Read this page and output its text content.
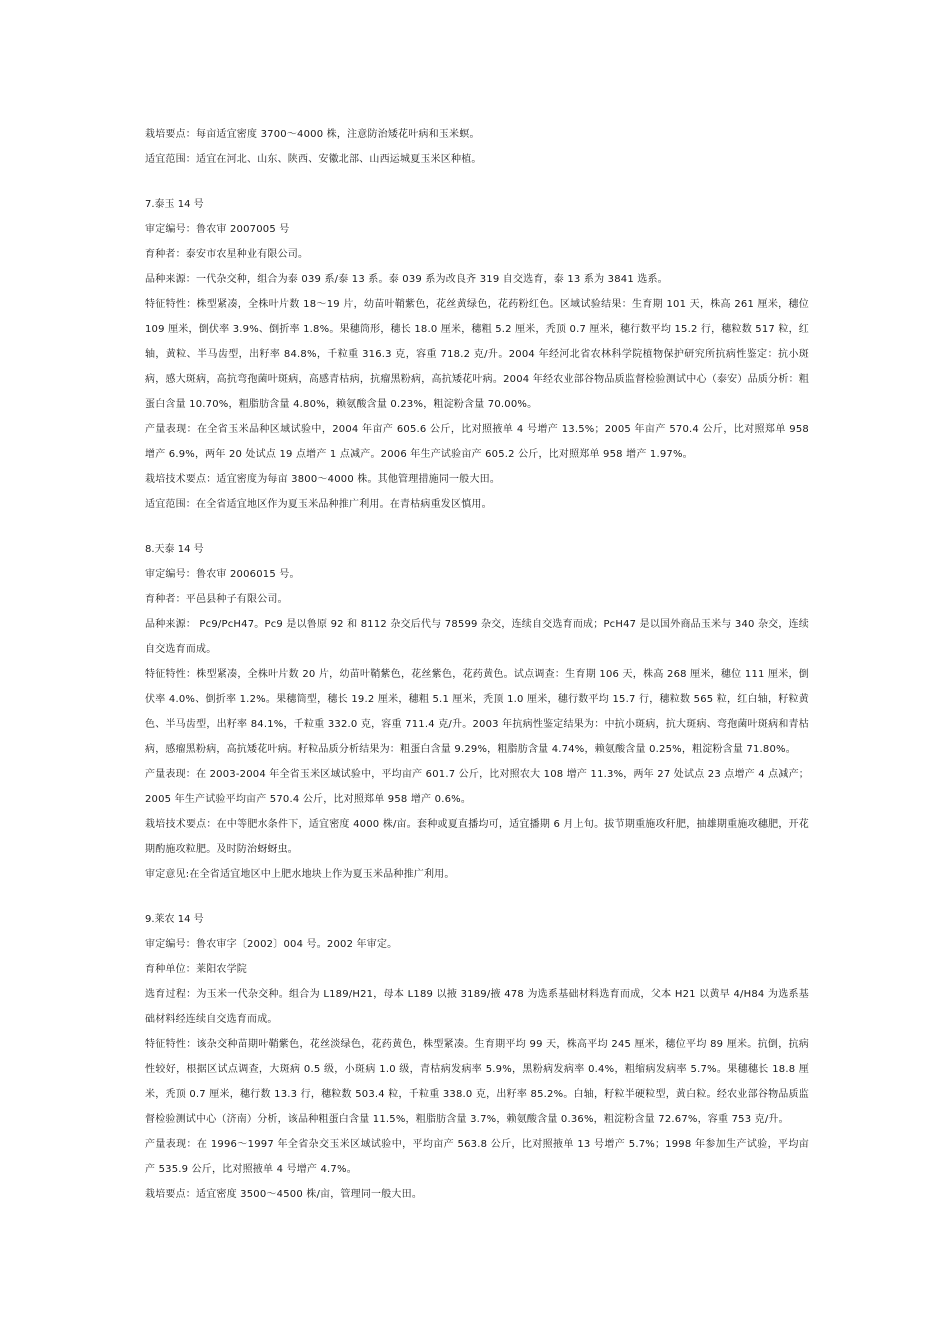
栽培要点：每亩适宜密度 3700～4000 株，注意防治矮花叶病和玉米螟。

适宜范围：适宜在河北、山东、陕西、安徽北部、山西运城夏玉米区种植。

7.泰玉 14 号

审定编号：鲁农审 2007005 号

育种者：泰安市农星种业有限公司。

品种来源：一代杂交种，组合为泰 039 系/泰 13 系。泰 039 系为改良齐 319 自交选育，泰 13 系为 3841 选系。

特征特性：株型紧凑，全株叶片数 18～19 片，幼苗叶鞘紫色，花丝黄绿色，花药粉红色。区域试验结果：生育期 101 天，株高 261 厘米，穗位 109 厘米，倒伏率 3.9%、倒折率 1.8%。果穗筒形，穗长 18.0 厘米，穗粗 5.2 厘米，秃顶 0.7 厘米，穗行数平均 15.2 行，穗粒数 517 粒，红轴，黄粒、半马齿型，出籽率 84.8%，千粒重 316.3 克，容重 718.2 克/升。2004 年经河北省农林科学院植物保护研究所抗病性鉴定：抗小斑病，感大斑病，高抗弯孢菌叶斑病，高感青枯病，抗瘤黑粉病，高抗矮花叶病。2004 年经农业部谷物品质监督检验测试中心（泰安）品质分析：粗蛋白含量 10.70%，粗脂肪含量 4.80%，赖氨酸含量 0.23%，粗淀粉含量 70.00%。

产量表现：在全省玉米品种区域试验中，2004 年亩产 605.6 公斤，比对照掖单 4 号增产 13.5%；2005 年亩产 570.4 公斤，比对照郑单 958 增产 6.9%，两年 20 处试点 19 点增产 1 点减产。2006 年生产试验亩产 605.2 公斤，比对照郑单 958 增产 1.97%。

栽培技术要点：适宜密度为每亩 3800～4000 株。其他管理措施同一般大田。

适宜范围：在全省适宜地区作为夏玉米品种推广利用。在青枯病重发区慎用。

8.天泰 14 号

审定编号：鲁农审 2006015 号。

育种者：平邑县种子有限公司。

品种来源： Pc9/PcH47。Pc9 是以鲁原 92 和 8112 杂交后代与 78599 杂交，连续自交选育而成；PcH47 是以国外商品玉米与 340 杂交，连续自交选育而成。

特征特性：株型紧凑，全株叶片数 20 片，幼苗叶鞘紫色，花丝紫色，花药黄色。试点调查：生育期 106 天，株高 268 厘米，穗位 111 厘米，倒伏率 4.0%、倒折率 1.2%。果穗筒型，穗长 19.2 厘米，穗粗 5.1 厘米，秃顶 1.0 厘米，穗行数平均 15.7 行，穗粒数 565 粒，红白轴，籽粒黄色、半马齿型，出籽率 84.1%，千粒重 332.0 克，容重 711.4 克/升。2003 年抗病性鉴定结果为：中抗小斑病，抗大斑病、弯孢菌叶斑病和青枯病，感瘤黑粉病，高抗矮花叶病。籽粒品质分析结果为：粗蛋白含量 9.29%，粗脂肪含量 4.74%，赖氨酸含量 0.25%，粗淀粉含量 71.80%。

产量表现：在 2003-2004 年全省玉米区域试验中，平均亩产 601.7 公斤，比对照农大 108 增产 11.3%，两年 27 处试点 23 点增产 4 点减产；2005 年生产试验平均亩产 570.4 公斤，比对照郑单 958 增产 0.6%。

栽培技术要点：在中等肥水条件下，适宜密度 4000 株/亩。套种或夏直播均可，适宜播期 6 月上旬。拔节期重施攻秆肥，抽雄期重施攻穗肥，开花期酌施攻粒肥。及时防治蚜蚜虫。

审定意见:在全省适宜地区中上肥水地块上作为夏玉米品种推广利用。

9.莱农 14 号

审定编号：鲁农审字〔2002〕004 号。2002 年审定。

育种单位：莱阳农学院

选育过程：为玉米一代杂交种。组合为 L189/H21，母本 L189 以掖 3189/掖 478 为选系基础材料选育而成，父本 H21 以黄早 4/H84 为选系基础材料经连续自交选育而成。

特征特性：该杂交种苗期叶鞘紫色，花丝淡绿色，花药黄色，株型紧凑。生育期平均 99 天，株高平均 245 厘米，穗位平均 89 厘米。抗倒，抗病性较好，根据区试点调查，大斑病 0.5 级，小斑病 1.0 级，青枯病发病率 5.9%，黑粉病发病率 0.4%，粗缩病发病率 5.7%。果穗穗长 18.8 厘米，秃顶 0.7 厘米，穗行数 13.3 行，穗粒数 503.4 粒，千粒重 338.0 克，出籽率 85.2%。白轴，籽粒半硬粒型，黄白粒。经农业部谷物品质监督检验测试中心（济南）分析，该品种粗蛋白含量 11.5%，粗脂肪含量 3.7%，赖氨酸含量 0.36%，粗淀粉含量 72.67%，容重 753 克/升。

产量表现：在 1996～1997 年全省杂交玉米区域试验中，平均亩产 563.8 公斤，比对照掖单 13 号增产 5.7%；1998 年参加生产试验，平均亩产 535.9 公斤，比对照掖单 4 号增产 4.7%。

栽培要点：适宜密度 3500～4500 株/亩，管理同一般大田。
